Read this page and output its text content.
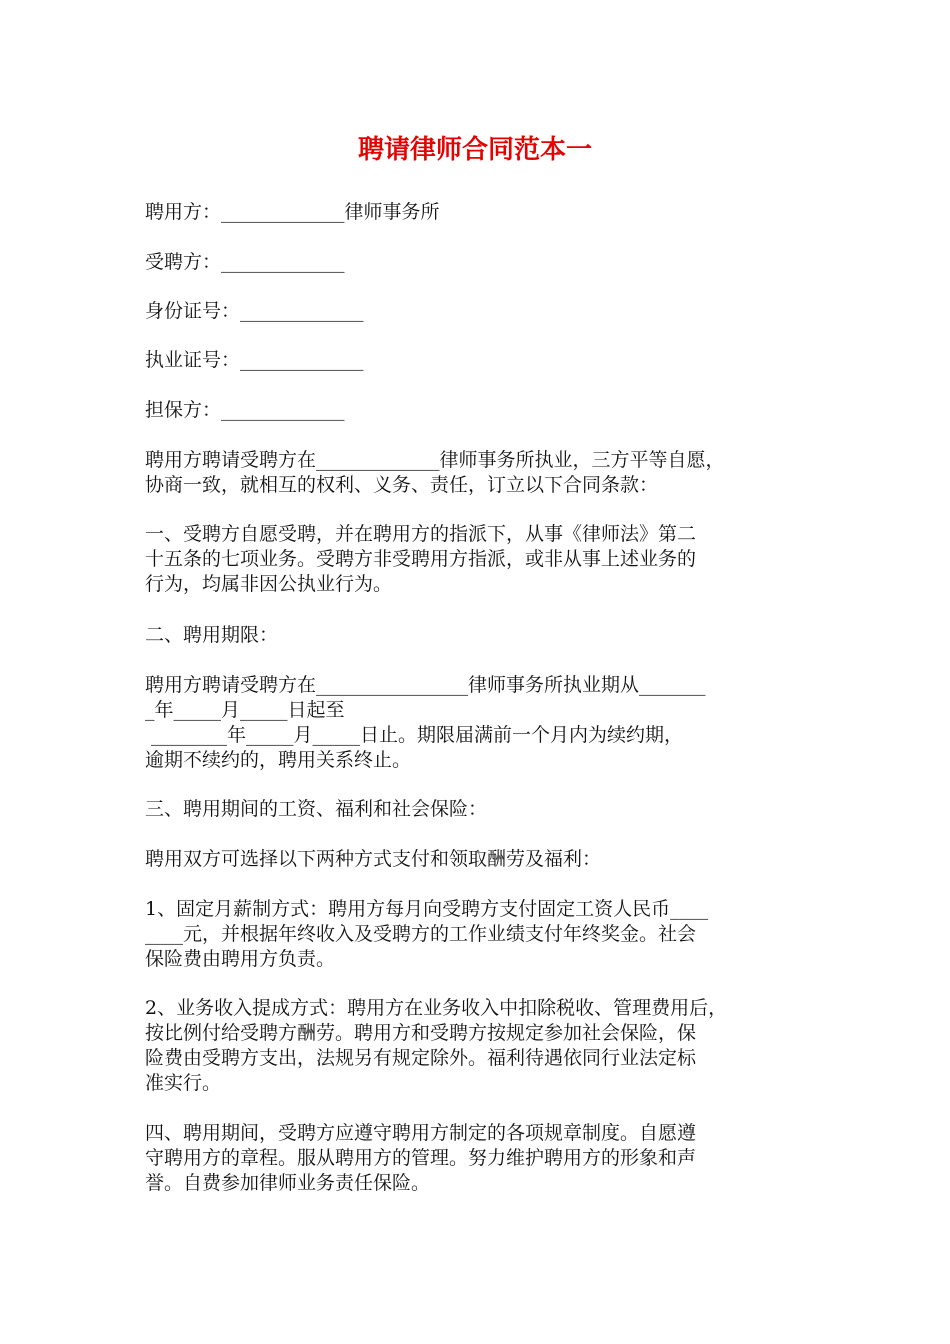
聘请律师合同范本一

聘用方：_____________律师事务所

受聘方：_____________

身份证号：_____________

执业证号：_____________

担保方：_____________

聘用方聘请受聘方在_____________律师事务所执业，三方平等自愿，
协商一致，就相互的权利、义务、责任，订立以下合同条款：

一、受聘方自愿受聘，并在聘用方的指派下，从事《律师法》第二
十五条的七项业务。受聘方非受聘用方指派，或非从事上述业务的
行为，均属非因公执业行为。

二、聘用期限：

聘用方聘请受聘方在________________律师事务所执业期从_______
_年_____月_____日起至
________年_____月_____日止。期限届满前一个月内为续约期，
逾期不续约的，聘用关系终止。

三、聘用期间的工资、福利和社会保险：

聘用双方可选择以下两种方式支付和领取酬劳及福利：

1、固定月薪制方式：聘用方每月向受聘方支付固定工资人民币____
____元，并根据年终收入及受聘方的工作业绩支付年终奖金。社会
保险费由聘用方负责。

2、业务收入提成方式：聘用方在业务收入中扣除税收、管理费用后，
按比例付给受聘方酬劳。聘用方和受聘方按规定参加社会保险，保
险费由受聘方支出，法规另有规定除外。福利待遇依同行业法定标
准实行。

四、聘用期间，受聘方应遵守聘用方制定的各项规章制度。自愿遵
守聘用方的章程。服从聘用方的管理。努力维护聘用方的形象和声
誉。自费参加律师业务责任保险。
